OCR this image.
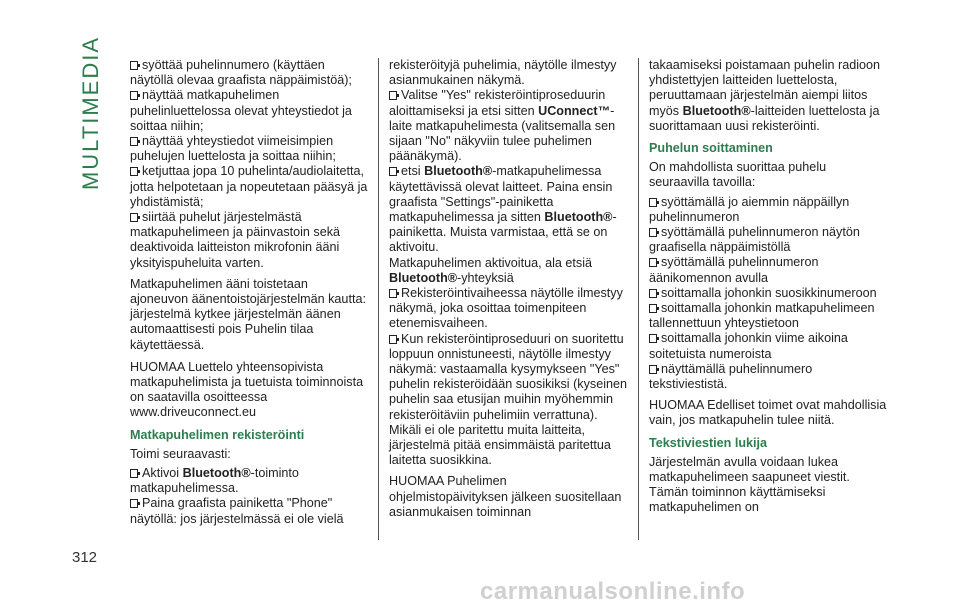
MULTIMEDIA	syöttää puhelinnumero (käyttäen näytöllä olevaa graafista näppäimistöä);
näyttää matkapuhelimen puhelinluettelossa olevat yhteystiedot ja soittaa niihin;
näyttää yhteystiedot viimeisimpien puhelujen luettelosta ja soittaa niihin;
ketjuttaa jopa 10 puhelinta/audiolaitetta, jotta helpotetaan ja nopeutetaan pääsyä ja yhdistämistä;
siirtää puhelut järjestelmästä matkapuhelimeen ja päinvastoin sekä deaktivoida laitteiston mikrofonin ääni yksityispuheluita varten.

Matkapuhelimen ääni toistetaan ajoneuvon äänentoistojärjestelmän kautta: järjestelmä kytkee järjestelmän äänen automaattisesti pois Puhelin tilaa käytettäessä.

HUOMAA Luettelo yhteensopivista matkapuhelimista ja tuetuista toiminnoista on saatavilla osoitteessa www.driveuconnect.eu

Matkapuhelimen rekisteröinti

Toimi seuraavasti:

Aktivoi Bluetooth®-toiminto matkapuhelimessa.
Paina graafista painiketta "Phone" näytöllä: jos järjestelmässä ei ole vielä

rekisteröityjä puhelimia, näytölle ilmestyy asianmukainen näkymä.

Valitse "Yes" rekisteröintiproseduurin aloittamiseksi ja etsi sitten UConnect™-laite matkapuhelimesta (valitsemalla sen sijaan "No" näkyviin tulee puhelimen päänäkymä).
etsi Bluetooth®-matkapuhelimessa käytettävissä olevat laitteet. Paina ensin graafista "Settings"-painiketta matkapuhelimessa ja sitten Bluetooth®-painiketta. Muista varmistaa, että se on aktivoitu.

Matkapuhelimen aktivoitua, ala etsiä

Bluetooth®-yhteyksiä

Rekisteröintivaiheessa näytölle ilmestyy näkymä, joka osoittaa toimenpiteen etenemisvaiheen.
Kun rekisteröintiproseduuri on suoritettu loppuun onnistuneesti, näytölle ilmestyy näkymä: vastaamalla kysymykseen "Yes" puhelin rekisteröidään suosikiksi (kyseinen puhelin saa etusijan muihin myöhemmin rekisteröitäviin puhelimiin verrattuna). Mikäli ei ole paritettu muita laitteita, järjestelmä pitää ensimmäistä paritettua laitetta suosikkina.

HUOMAA Puhelimen ohjelmistopäivityksen jälkeen suositellaan asianmukaisen toiminnan

takaamiseksi poistamaan puhelin radioon yhdistettyjen laitteiden luettelosta, peruuttamaan järjestelmän aiempi liitos myös Bluetooth®-laitteiden luettelosta ja suorittamaan uusi rekisteröinti.

Puhelun soittaminen

On mahdollista suorittaa puhelu seuraavilla tavoilla:

syöttämällä jo aiemmin näppäillyn puhelinnumeron
syöttämällä puhelinnumeron näytön graafisella näppäimistöllä
syöttämällä puhelinnumeron äänikomennon avulla
soittamalla johonkin suosikkinumeroon
soittamalla johonkin matkapuhelimeen tallennettuun yhteystietoon
soittamalla johonkin viime aikoina soitetuista numeroista
näyttämällä puhelinnumero tekstiviestistä.

HUOMAA Edelliset toimet ovat mahdollisia vain, jos matkapuhelin tulee niitä.

Tekstiviestien lukija

Järjestelmän avulla voidaan lukea matkapuhelimeen saapuneet viestit. Tämän toiminnon käyttämiseksi matkapuhelimen on

312
carmanualsonline.info
